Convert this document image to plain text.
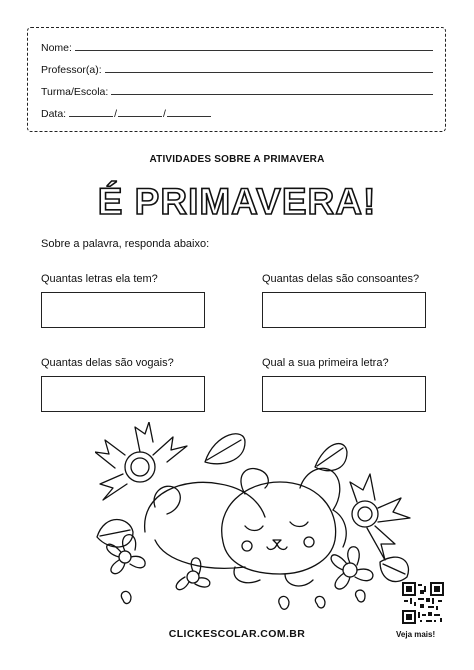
Nome:
Professor(a):
Turma/Escola:
Data:	/	/
ATIVIDADES SOBRE A PRIMAVERA
É PRIMAVERA!
Sobre a palavra, responda abaixo:
Quantas letras ela tem?	Quantas delas são consoantes?
Quantas delas são vogais?	Qual a sua primeira letra?
CLICKESCOLAR.COM.BR	Veja mais!
